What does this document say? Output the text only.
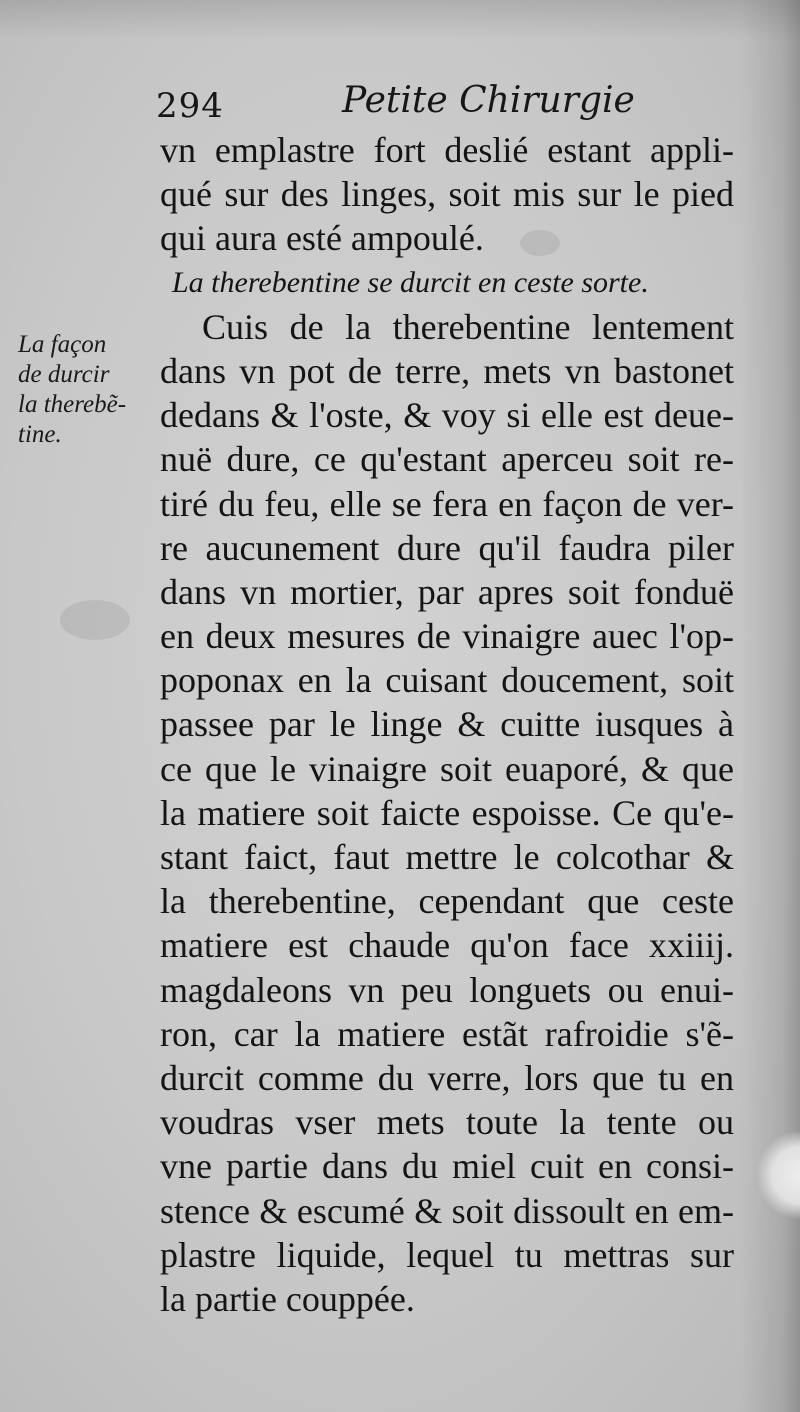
294	Petite Chirurgie
La façon
de durcir
la therebẽ-
tine.
vn emplastre fort deslié estant appli-
qué sur des linges, soit mis sur le pied
qui aura esté ampoulé.
La therebentine se durcit en ceste sorte.
Cuis de la therebentine lentement
dans vn pot de terre, mets vn bastonet
dedans & l'oste, & voy si elle est deue-
nuë dure, ce qu'estant aperceu soit re-
tiré du feu, elle se fera en façon de ver-
re aucunement dure qu'il faudra piler
dans vn mortier, par apres soit fonduë
en deux mesures de vinaigre auec l'op-
poponax en la cuisant doucement, soit
passee par le linge & cuitte iusques à
ce que le vinaigre soit euaporé, & que
la matiere soit faicte espoisse. Ce qu'e-
stant faict, faut mettre le colcothar &
la therebentine, cependant que ceste
matiere est chaude qu'on face xxiiij.
magdaleons vn peu longuets ou enui-
ron, car la matiere estãt rafroidie s'ẽ-
durcit comme du verre, lors que tu en
voudras vser mets toute la tente ou
vne partie dans du miel cuit en consi-
stence & escumé & soit dissoult en em-
plastre liquide, lequel tu mettras sur
la partie couppée.
